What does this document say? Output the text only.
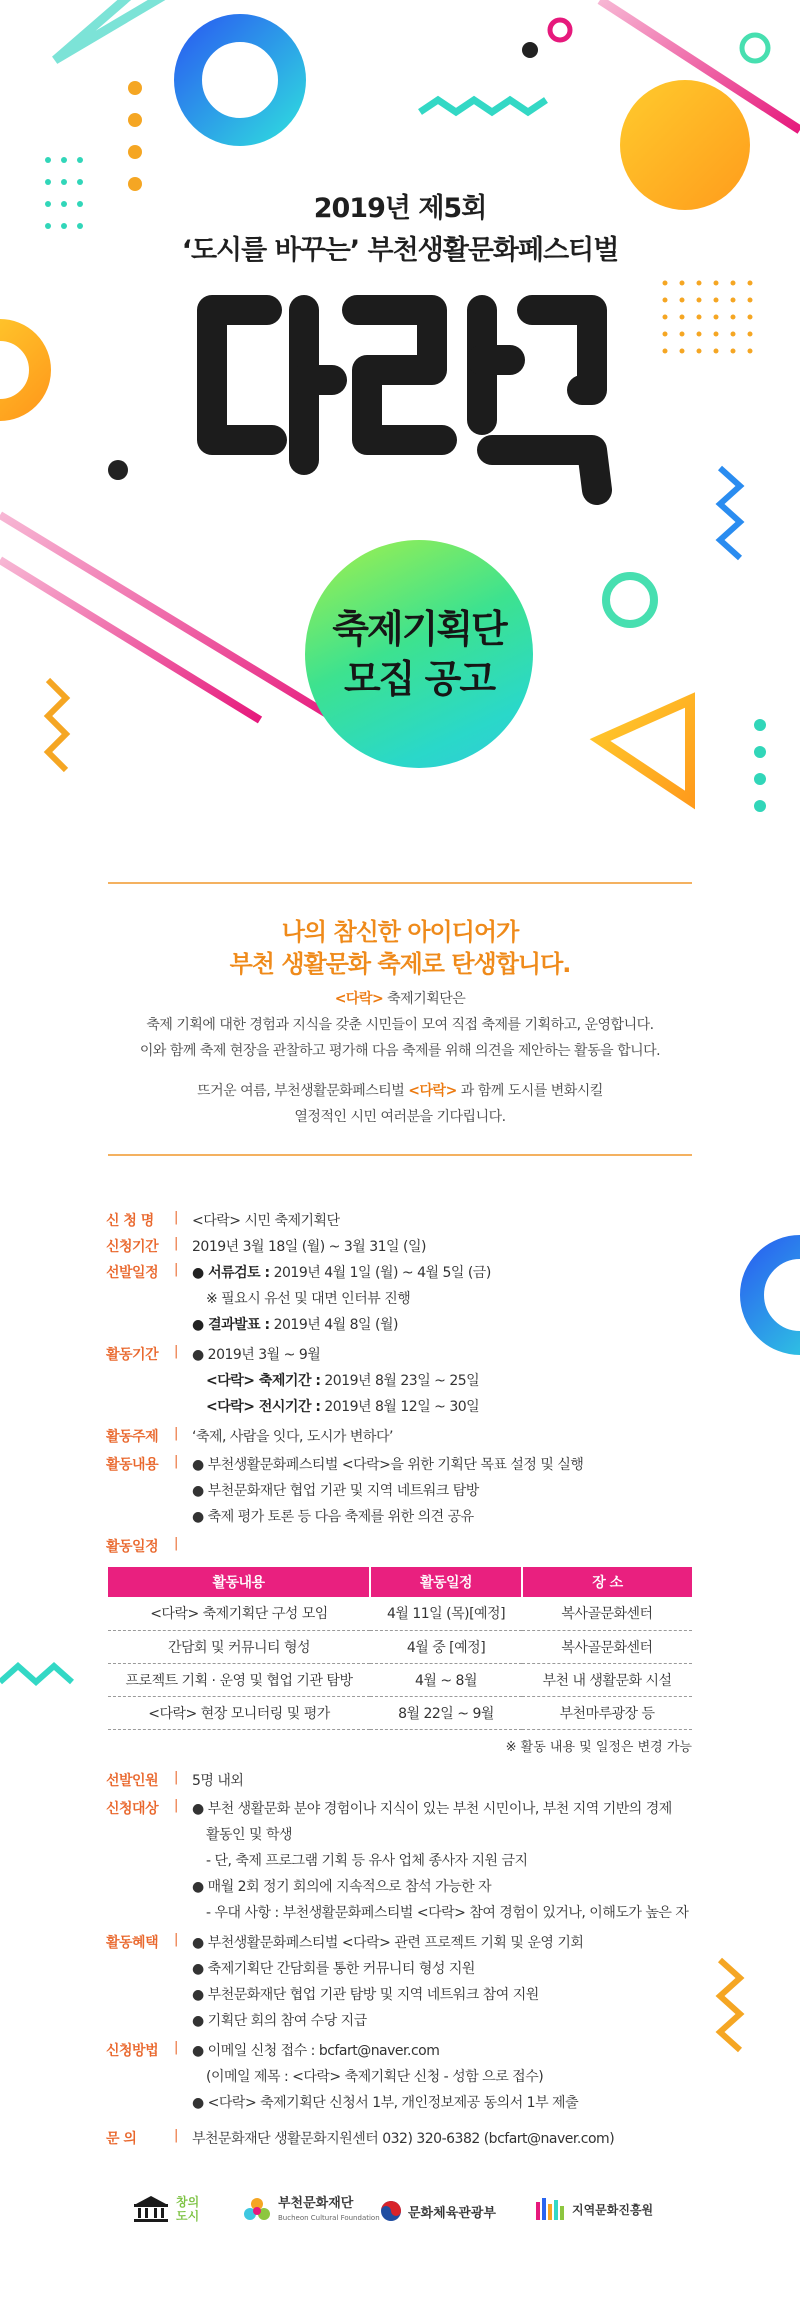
2019년 제5회
‘도시를 바꾸는’ 부천생활문화페스티벌
축제기획단
모집 공고
나의 참신한 아이디어가
부천 생활문화 축제로 탄생합니다.
<다락> 축제기획단은
축제 기획에 대한 경험과 지식을 갖춘 시민들이 모여 직접 축제를 기획하고, 운영합니다.
이와 함께 축제 현장을 관찰하고 평가해 다음 축제를 위해 의견을 제안하는 활동을 합니다.
뜨거운 여름, 부천생활문화페스티벌 <다락> 과 함께 도시를 변화시킬
열정적인 시민 여러분을 기다립니다.
신 청 명	| <다락> 시민 축제기획단
신청기간	| 2019년 3월 18일 (월) ~ 3월 31일 (일)
선발일정	| ● 서류검토 : 2019년 4월 1일 (월) ~ 4월 5일 (금)
※ 필요시 유선 및 대면 인터뷰 진행
● 결과발표 : 2019년 4월 8일 (월)
활동기간	| ● 2019년 3월 ~ 9월
<다락> 축제기간 : 2019년 8월 23일 ~ 25일
<다락> 전시기간 : 2019년 8월 12일 ~ 30일
활동주제	| ‘축제, 사람을 잇다, 도시가 변하다’
활동내용	| ● 부천생활문화페스티벌 <다락>을 위한 기획단 목표 설정 및 실행
● 부천문화재단 협업 기관 및 지역 네트워크 탐방
● 축제 평가 토론 등 다음 축제를 위한 의견 공유
활동일정	|
활동내용	활동일정	장 소
<다락> 축제기획단 구성 모임	4월 11일 (목)[예정]	복사골문화센터
간담회 및 커뮤니티 형성	4월 중 [예정]	복사골문화센터
프로젝트 기획 · 운영 및 협업 기관 탐방	4월 ~ 8월	부천 내 생활문화 시설
<다락> 현장 모니터링 및 평가	8월 22일 ~ 9월	부천마루광장 등
※ 활동 내용 및 일정은 변경 가능
선발인원	| 5명 내외
신청대상	| ● 부천 생활문화 분야 경험이나 지식이 있는 부천 시민이나, 부천 지역 기반의 경제
활동인 및 학생
- 단, 축제 프로그램 기획 등 유사 업체 종사자 지원 금지
● 매월 2회 정기 회의에 지속적으로 참석 가능한 자
- 우대 사항 : 부천생활문화페스티벌 <다락> 참여 경험이 있거나, 이해도가 높은 자
활동혜택	| ● 부천생활문화페스티벌 <다락> 관련 프로젝트 기획 및 운영 기회
● 축제기획단 간담회를 통한 커뮤니티 형성 지원
● 부천문화재단 협업 기관 탐방 및 지역 네트워크 참여 지원
● 기획단 회의 참여 수당 지급
신청방법	| ● 이메일 신청 접수 : bcfart@naver.com
(이메일 제목 : <다락> 축제기획단 신청 - 성함 으로 접수)
● <다락> 축제기획단 신청서 1부, 개인정보제공 동의서 1부 제출
문 의	| 부천문화재단 생활문화지원센터 032) 320-6382 (bcfart@naver.com)
창의
도시
부천문화재단
Bucheon Cultural Foundation 문화체육관광부	지역문화진흥원
